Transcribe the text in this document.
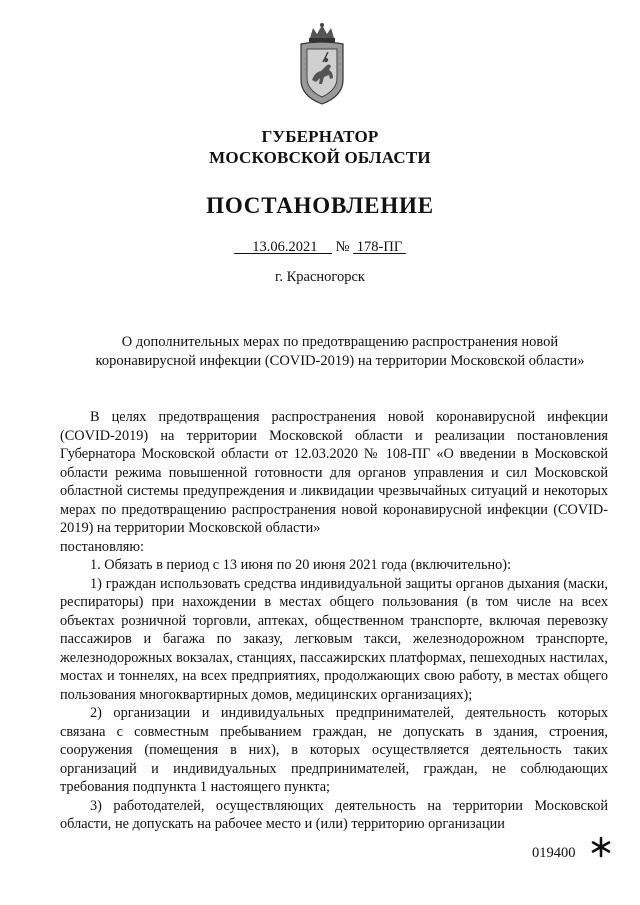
ГУБЕРНАТОР
МОСКОВСКОЙ ОБЛАСТИ
ПОСТАНОВЛЕНИЕ
13.06.2021 № 178-ПГ
г. Красногорск
О дополнительных мерах по предотвращению распространения новой коронавирусной инфекции (COVID-2019) на территории Московской области»

В целях предотвращения распространения новой коронавирусной инфекции (COVID-2019) на территории Московской области и реализации постановления Губернатора Московской области от 12.03.2020 № 108-ПГ «О введении в Московской области режима повышенной готовности для органов управления и сил Московской областной системы предупреждения и ликвидации чрезвычайных ситуаций и некоторых мерах по предотвращению распространения новой коронавирусной инфекции (COVID-2019) на территории Московской области»

постановляю:

1. Обязать в период с 13 июня по 20 июня 2021 года (включительно):

1) граждан использовать средства индивидуальной защиты органов дыхания (маски, респираторы) при нахождении в местах общего пользования (в том числе на всех объектах розничной торговли, аптеках, общественном транспорте, включая перевозку пассажиров и багажа по заказу, легковым такси, железнодорожном транспорте, железнодорожных вокзалах, станциях, пассажирских платформах, пешеходных настилах, мостах и тоннелях, на всех предприятиях, продолжающих свою работу, в местах общего пользования многоквартирных домов, медицинских организациях);

2) организации и индивидуальных предпринимателей, деятельность которых связана с совместным пребыванием граждан, не допускать в здания, строения, сооружения (помещения в них), в которых осуществляется деятельность таких организаций и индивидуальных предпринимателей, граждан, не соблюдающих требования подпункта 1 настоящего пункта;

3) работодателей, осуществляющих деятельность на территории Московской области, не допускать на рабочее место и (или) территорию организации

019400
